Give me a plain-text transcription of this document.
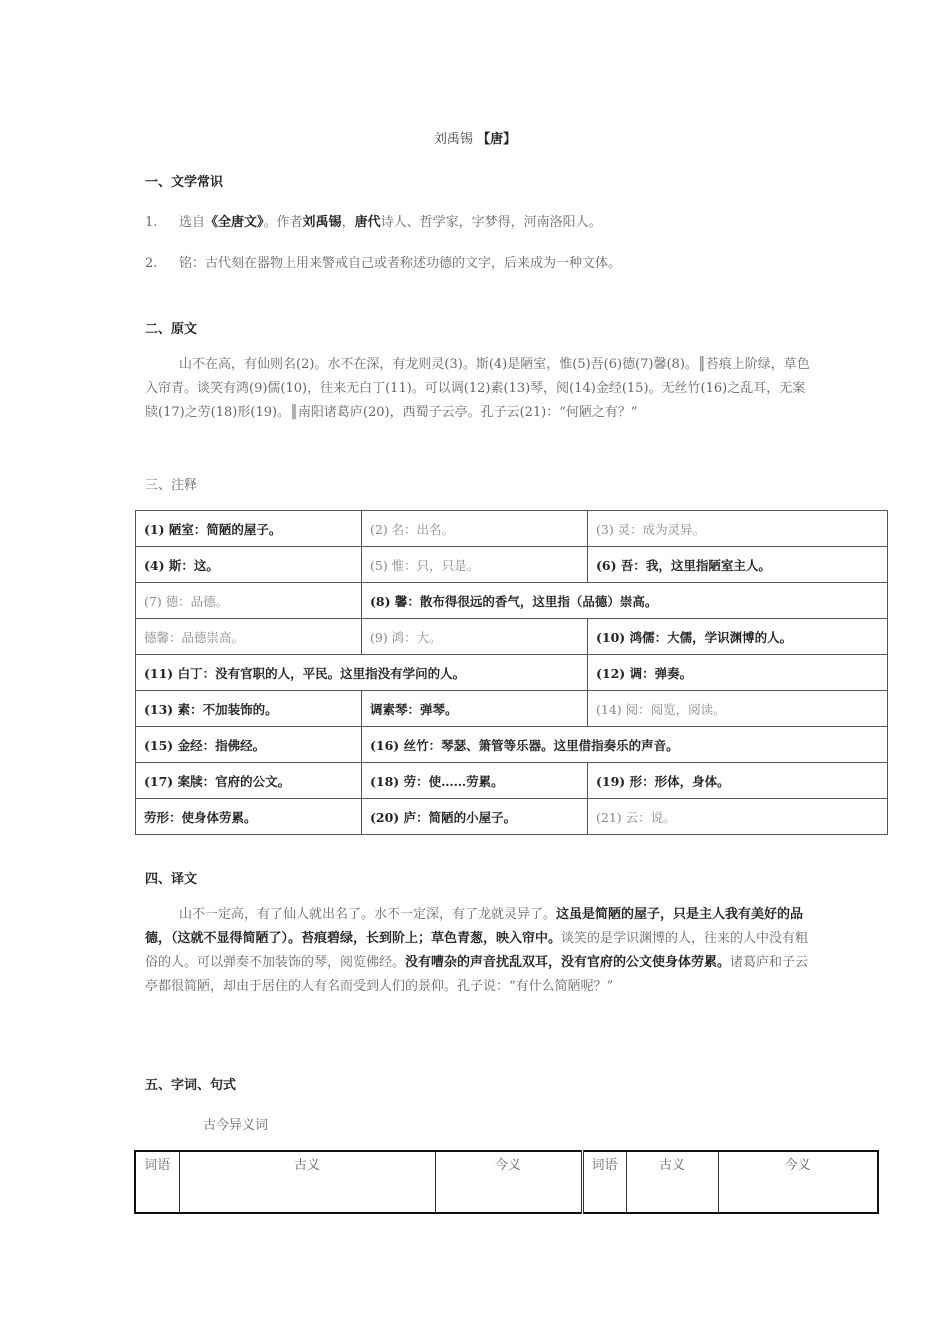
刘禹锡 【唐】
一、文学常识
1. 选自《全唐文》。作者刘禹锡，唐代诗人、哲学家，字梦得，河南洛阳人。
2. 铭：古代刻在器物上用来警戒自己或者称述功德的文字，后来成为一种文体。
二、原文
山不在高，有仙则名(2)。水不在深，有龙则灵(3)。斯(4)是陋室，惟(5)吾(6)德(7)馨(8)。║苔痕上阶绿，草色入帘青。谈笑有鸿(9)儒(10)，往来无白丁(11)。可以调(12)素(13)琴，阅(14)金经(15)。无丝竹(16)之乱耳，无案牍(17)之劳(18)形(19)。║南阳诸葛庐(20)，西蜀子云亭。孔子云(21)：“何陋之有？”
三、注释
(1) 陋室：简陋的屋子。	(2) 名：出名。	(3) 灵：成为灵异。
(4) 斯：这。	(5) 惟：只，只是。	(6) 吾：我，这里指陋室主人。
(7) 德：品德。	(8) 馨：散布得很远的香气，这里指（品德）崇高。	
德馨：品德崇高。	(9) 鸿：大。	(10) 鸿儒：大儒，学识渊博的人。
(11) 白丁：没有官职的人，平民。这里指没有学问的人。		(12) 调：弹奏。
(13) 素：不加装饰的。	调素琴：弹琴。	(14) 阅：阅览，阅读。
(15) 金经：指佛经。	(16) 丝竹：琴瑟、箫管等乐器。这里借指奏乐的声音。	
(17) 案牍：官府的公文。	(18) 劳：使……劳累。	(19) 形：形体，身体。
劳形：使身体劳累。	(20) 庐：简陋的小屋子。	(21) 云：说。
四、译文
山不一定高，有了仙人就出名了。水不一定深，有了龙就灵异了。这虽是简陋的屋子，只是主人我有美好的品德，（这就不显得简陋了）。苔痕碧绿，长到阶上；草色青葱，映入帘中。谈笑的是学识渊博的人，往来的人中没有粗俗的人。可以弹奏不加装饰的琴，阅览佛经。没有嘈杂的声音扰乱双耳，没有官府的公文使身体劳累。诸葛庐和子云亭都很简陋，却由于居住的人有名而受到人们的景仰。孔子说：“有什么简陋呢？”
五、字词、句式
古今异义词
词语	古义	今义	词语	古义	今义
